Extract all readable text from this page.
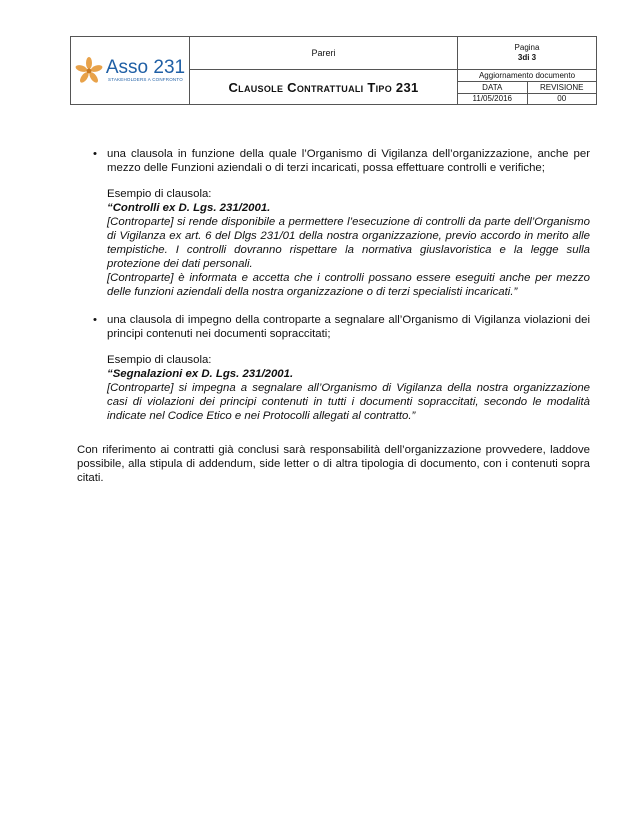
Asso 231
STAKEHOLDERS A CONFRONTO
	Pareri	
Pagina
3di 3

Clausole Contrattuali Tipo 231	Aggiornamento documento

DATA	REVISIONE
11/05/2016	00
• una clausola in funzione della quale l’Organismo di Vigilanza dell’organizzazione, anche per mezzo delle Funzioni aziendali o di terzi incaricati, possa effettuare controlli e verifiche;

Esempio di clausola:
“Controlli ex D. Lgs. 231/2001.

[Controparte] si rende disponibile a permettere l’esecuzione di controlli da parte dell’Organismo di Vigilanza ex art. 6 del Dlgs 231/01 della nostra organizzazione, previo accordo in merito alle tempistiche. I controlli dovranno rispettare la normativa giuslavoristica e la legge sulla protezione dei dati personali.

[Controparte] è informata e accetta che i controlli possano essere eseguiti anche per mezzo delle funzioni aziendali della nostra organizzazione o di terzi specialisti incaricati.”

• una clausola di impegno della controparte a segnalare all’Organismo di Vigilanza violazioni dei principi contenuti nei documenti sopraccitati;

Esempio di clausola:
“Segnalazioni ex D. Lgs. 231/2001.

[Controparte] si impegna a segnalare all’Organismo di Vigilanza della nostra organizzazione casi di violazioni dei principi contenuti in tutti i documenti sopraccitati, secondo le modalità indicate nel Codice Etico e nei Protocolli allegati al contratto.”

Con riferimento ai contratti già conclusi sarà responsabilità dell’organizzazione provvedere, laddove possibile, alla stipula di addendum, side letter o di altra tipologia di documento, con i contenuti sopra citati.
